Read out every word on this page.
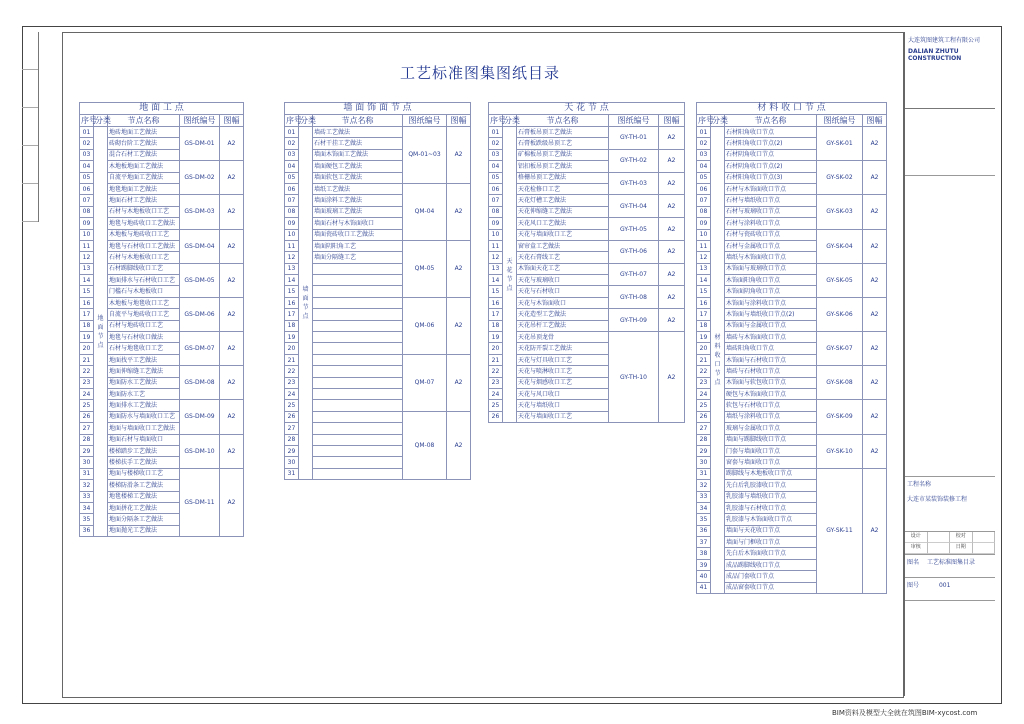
工艺标准图集图纸目录
地 面 工 点					
序号	分类	节点名称	图纸编号	图幅	
01	地面节点	地砖地面工艺做法	GS-DM-01	A2	
02		砖砌台阶工艺做法			
03		混合石材工艺做法			
04		木地板地面工艺做法	GS-DM-02	A2	
05		自流平地面工艺做法			
06		地毯地面工艺做法			
07		地面石材工艺做法	GS-DM-03	A2	
08		石材与木地板收口工艺			
09		地毯与地砖收口工艺做法			
10		木地板与地砖收口工艺	GS-DM-04	A2	
11		地毯与石材收口工艺做法			
12		石材与木地板收口工艺			
13		石材踢脚线收口工艺	GS-DM-05	A2	
14		地面排水与石材收口工艺			
15		门槛石与木地板收口			
16		木地板与地毯收口工艺	GS-DM-06	A2	
17		自流平与地砖收口工艺			
18		石材与地砖收口工艺			
19		地毯与石材收口做法	GS-DM-07	A2	
20		石材与地毯收口工艺			
21		地面找平工艺做法			
22		地面伸缩缝工艺做法	GS-DM-08	A2	
23		地面防水工艺做法			
24		地面防水工艺			
25		地面排水工艺做法	GS-DM-09	A2	
26		地面防水与墙面收口工艺			
27		地面与墙面收口工艺做法			
28		地面石材与墙面收口	GS-DM-10	A2	
29		楼梯踏步工艺做法			
30		楼梯扶手工艺做法			
31		地面与楼梯收口工艺	GS-DM-11	A2	
32		楼梯防滑条工艺做法			
33		地毯楼梯工艺做法			
34		地面拼花工艺做法			
35		地面分隔条工艺做法			
36		地面抛光工艺做法			
墙 面 饰 面 节 点					
序号	分类	节点名称	图纸编号	图幅	
01	墙面节点	墙砖工艺做法	QM-01~03	A2	
02		石材干挂工艺做法			
03		墙面木饰面工艺做法			
04		墙面硬包工艺做法			
05		墙面软包工艺做法			
06		墙纸工艺做法	QM-04	A2	
07		墙面涂料工艺做法			
08		墙面玻璃工艺做法			
09		墙面石材与木饰面收口			
10		墙面瓷砖收口工艺做法			
11		墙面阴阳角工艺	QM-05	A2	
12		墙面分隔缝工艺			
13					
14					
15					
16			QM-06	A2	
17					
18					
19					
20					
21			QM-07	A2	
22					
23					
24					
25					
26			QM-08	A2	
27					
28					
29					
30					
31					
天 花 节 点					
序号	分类	节点名称	图纸编号	图幅	
01	天花节点	石膏板吊顶工艺做法	GY-TH-01	A2	
02		石膏板跌级吊顶工艺			
03		矿棉板吊顶工艺做法	GY-TH-02	A2	
04		铝扣板吊顶工艺做法			
05		格栅吊顶工艺做法	GY-TH-03	A2	
06		天花检修口工艺			
07		天花灯槽工艺做法	GY-TH-04	A2	
08		天花伸缩缝工艺做法			
09		天花风口工艺做法	GY-TH-05	A2	
10		天花与墙面收口工艺			
11		窗帘盒工艺做法	GY-TH-06	A2	
12		天花石膏线工艺			
13		木饰面天花工艺	GY-TH-07	A2	
14		天花与玻璃收口			
15		天花与石材收口	GY-TH-08	A2	
16		天花与木饰面收口			
17		天花造型工艺做法	GY-TH-09	A2	
18		天花吊杆工艺做法			
19		天花吊顶龙骨	GY-TH-10	A2	
20		天花防开裂工艺做法			
21		天花与灯具收口工艺			
22		天花与喷淋收口工艺			
23		天花与烟感收口工艺			
24		天花与风口收口			
25		天花与墙纸收口			
26		天花与墙面收口工艺			
材 料 收 口 节 点					
序号	分类	节点名称	图纸编号	图幅	
01	材料收口节点	石材阳角收口节点	GY-SK-01	A2	
02		石材阳角收口节点(2)			
03		石材阴角收口节点			
04		石材阴角收口节点(2)	GY-SK-02	A2	
05		石材阳角收口节点(3)			
06		石材与木饰面收口节点			
07		石材与墙纸收口节点	GY-SK-03	A2	
08		石材与玻璃收口节点			
09		石材与涂料收口节点			
10		石材与瓷砖收口节点	GY-SK-04	A2	
11		石材与金属收口节点			
12		墙纸与木饰面收口节点			
13		木饰面与玻璃收口节点	GY-SK-05	A2	
14		木饰面阳角收口节点			
15		木饰面阴角收口节点			
16		木饰面与涂料收口节点	GY-SK-06	A2	
17		木饰面与墙纸收口节点(2)			
18		木饰面与金属收口节点			
19		墙砖与木饰面收口节点	GY-SK-07	A2	
20		墙砖阳角收口节点			
21		木饰面与石材收口节点			
22		墙砖与石材收口节点	GY-SK-08	A2	
23		木饰面与软包收口节点			
24		硬包与木饰面收口节点			
25		软包与石材收口节点	GY-SK-09	A2	
26		墙纸与涂料收口节点			
27		玻璃与金属收口节点			
28		墙面与踢脚线收口节点	GY-SK-10	A2	
29		门套与墙面收口节点			
30		窗套与墙面收口节点			
31		踢脚线与木地板收口节点	GY-SK-11	A2	
32		先白后乳胶漆收口节点			
33		乳胶漆与墙纸收口节点			
34		乳胶漆与石材收口节点			
35		乳胶漆与木饰面收口节点			
36		墙面与天花收口节点			
37		墙面与门框收口节点			
38		先白后木饰面收口节点			
39		成品踢脚线收口节点			
40		成品门套收口节点			
41		成品窗套收口节点			
大连筑图建筑工程有限公司
DALIAN ZHUTU CONSTRUCTION
工程名称
大连市某装饰装修工程
设计	校对
审核	日期
图名 工艺标准图集目录
图号	001
BIM资料及模型大全就在筑图BIM-xycost.com
